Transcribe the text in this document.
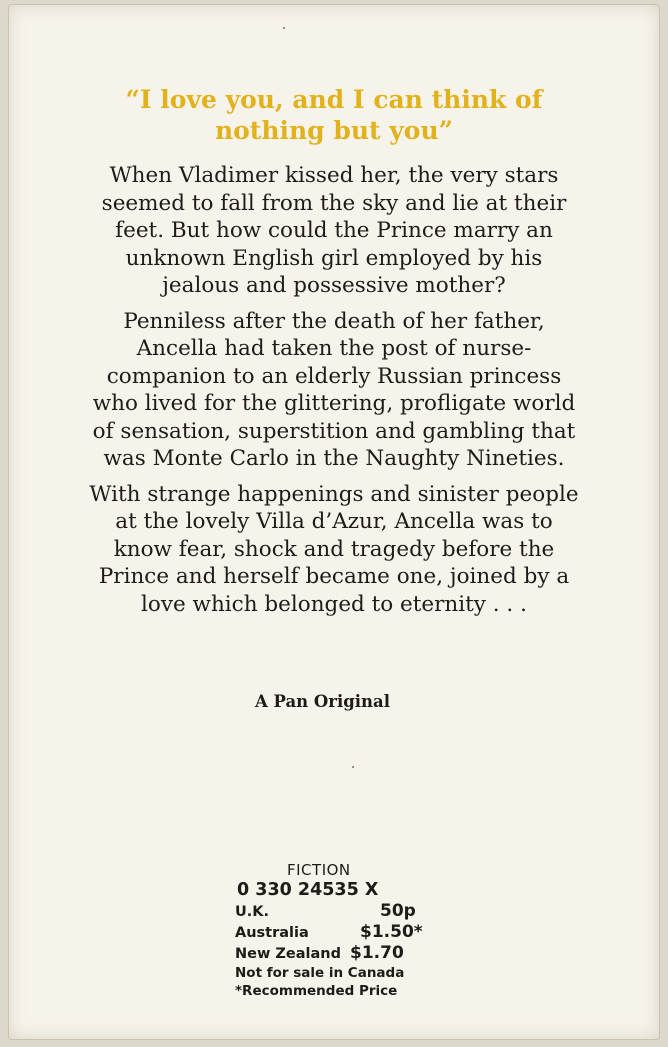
“I love you, and I can think of
nothing but you”
When Vladimer kissed her, the very stars
seemed to fall from the sky and lie at their
feet. But how could the Prince marry an
unknown English girl employed by his
jealous and possessive mother?
Penniless after the death of her father,
Ancella had taken the post of nurse-
companion to an elderly Russian princess
who lived for the glittering, profligate world
of sensation, superstition and gambling that
was Monte Carlo in the Naughty Nineties.
With strange happenings and sinister people
at the lovely Villa d’Azur, Ancella was to
know fear, shock and tragedy before the
Prince and herself became one, joined by a
love which belonged to eternity . . .
A Pan Original
FICTION
0 330 24535 X
U.K.	50p
Australia	$1.50*
New Zealand $1.70
Not for sale in Canada
*Recommended Price
